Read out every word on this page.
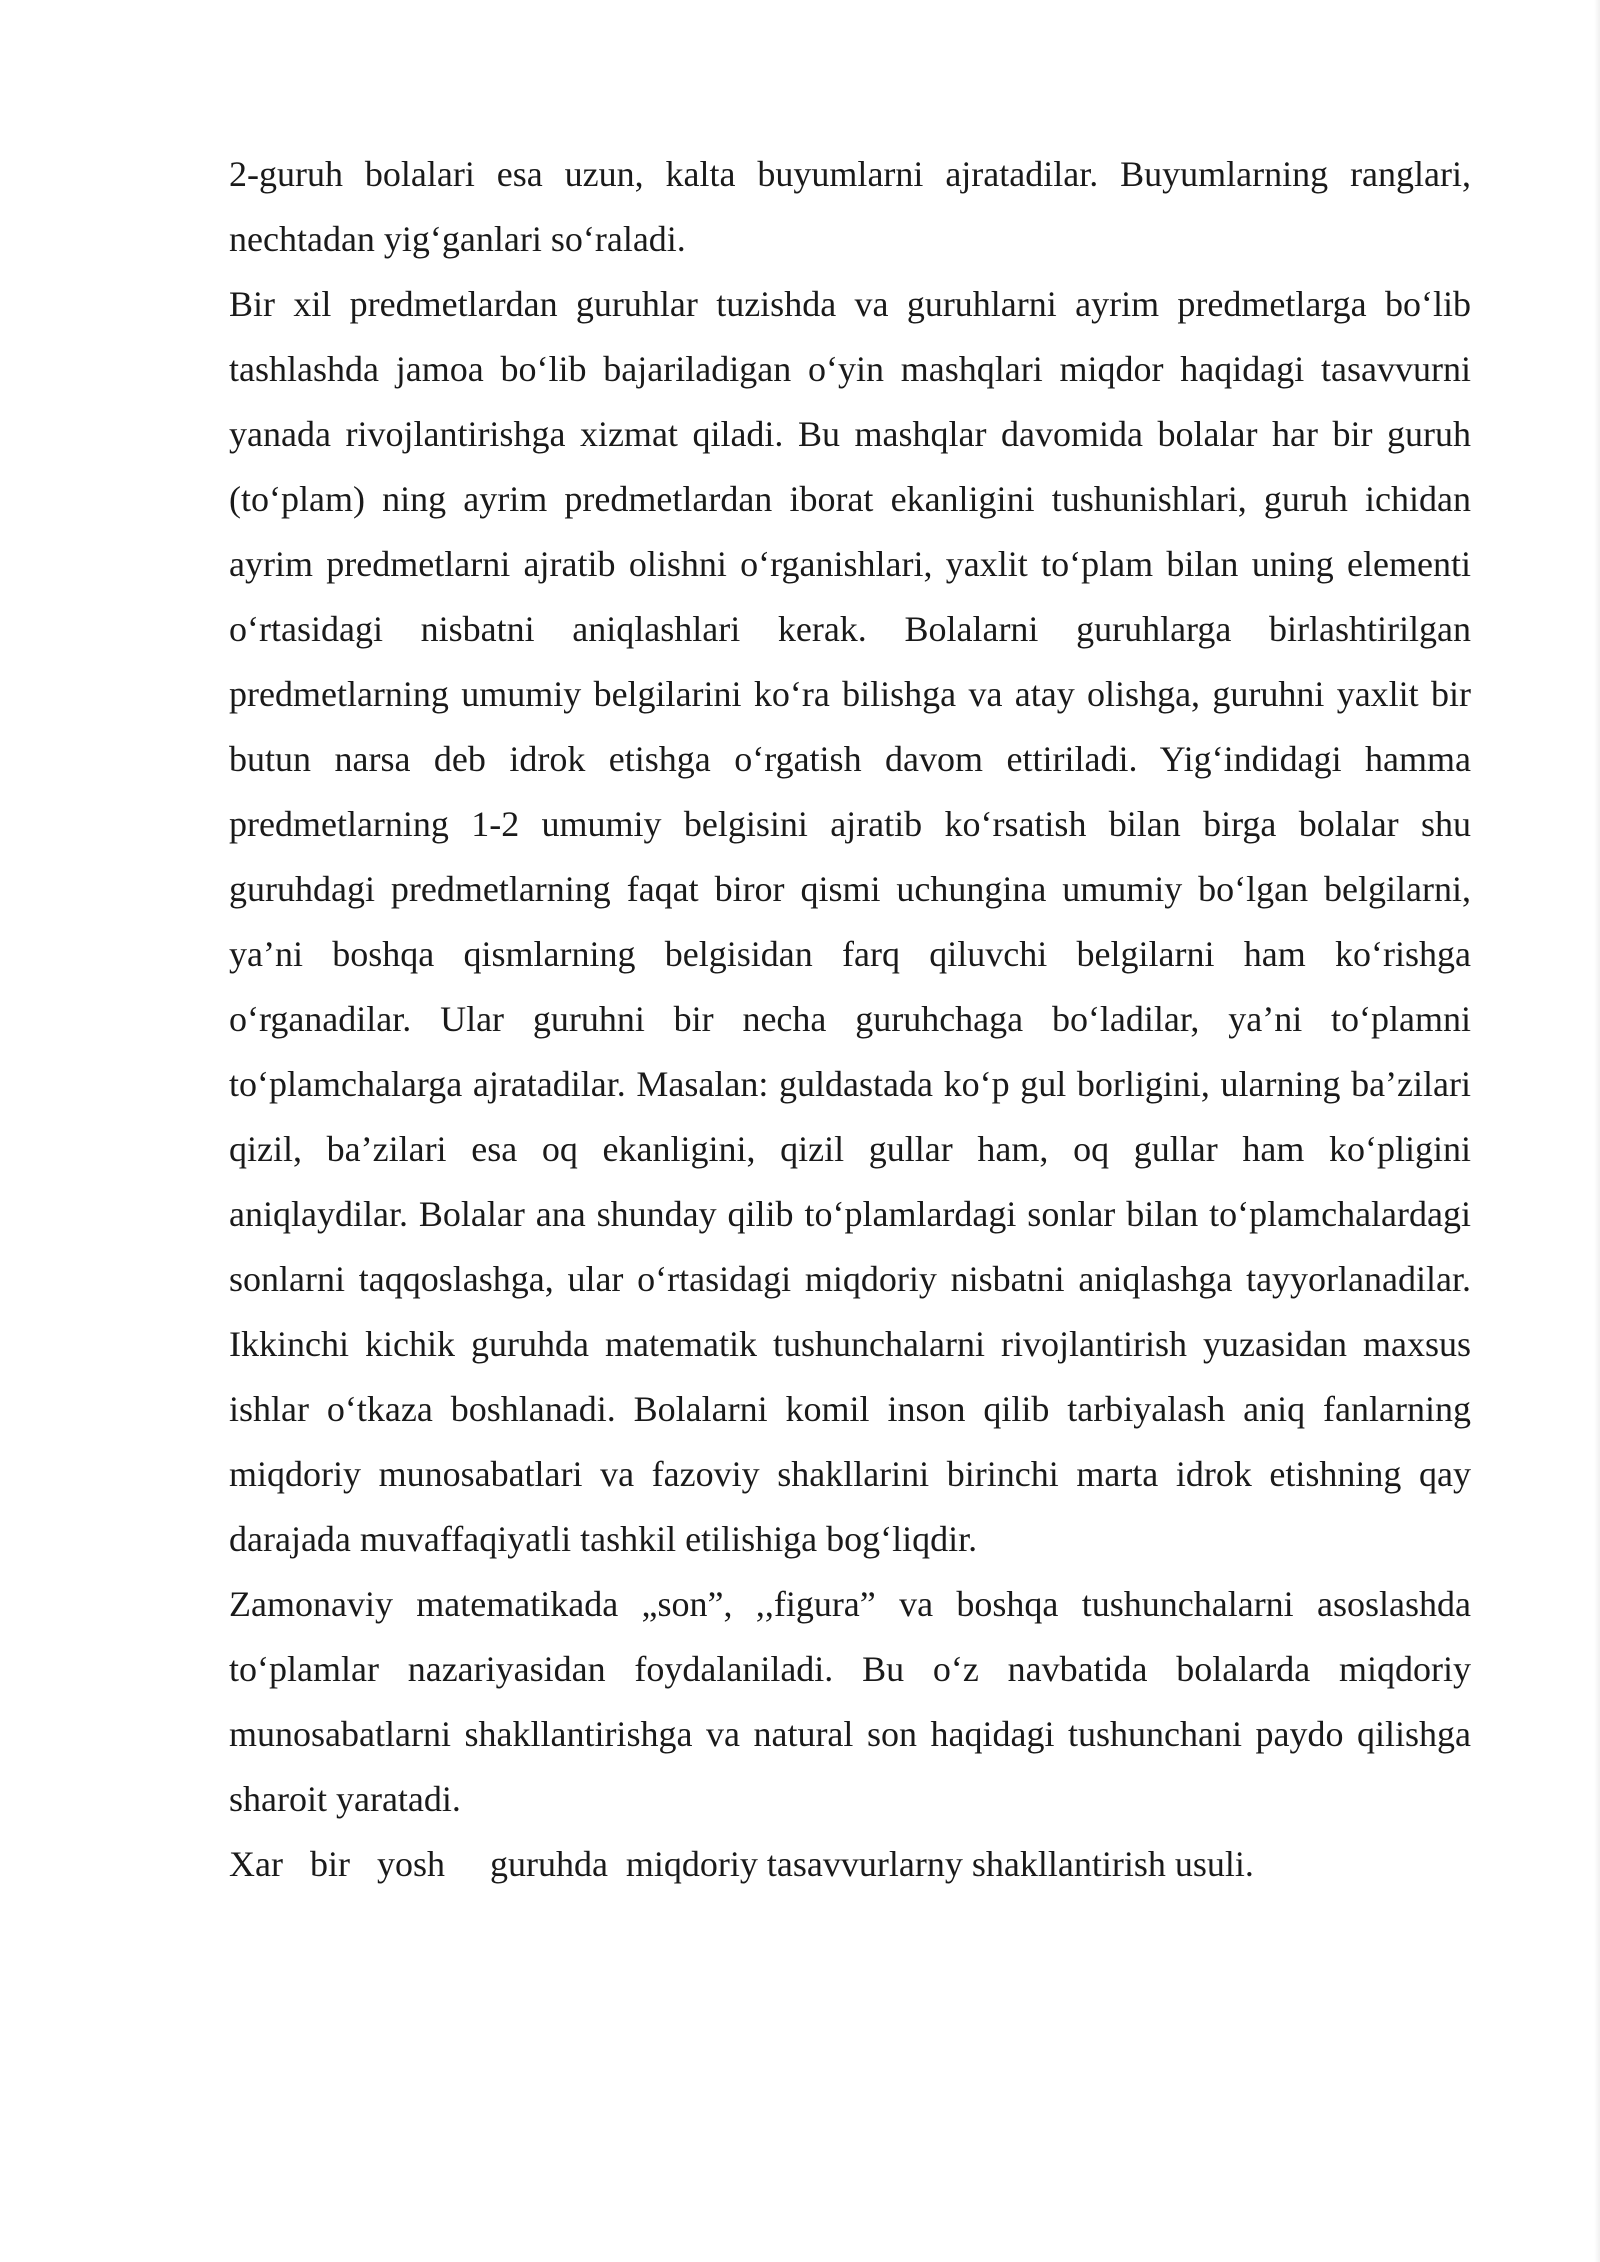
2-guruh bolalari esa uzun, kalta buyumlarni ajratadilar. Buyumlarning ranglari, nechtadan yig‘ganlari so‘raladi.

Bir xil predmetlardan guruhlar tuzishda va guruhlarni ayrim predmetlarga bo‘lib tashlashda jamoa bo‘lib bajariladigan o‘yin mashqlari miqdor haqidagi tasavvurni yanada rivojlantirishga xizmat qiladi. Bu mashqlar davomida bolalar har bir guruh (to‘plam) ning ayrim predmetlardan iborat ekanligini tushunishlari, guruh ichidan ayrim predmetlarni ajratib olishni o‘rganishlari, yaxlit to‘plam bilan uning elementi o‘rtasidagi nisbatni aniqlashlari kerak. Bolalarni guruhlarga birlashtirilgan predmetlarning umumiy belgilarini ko‘ra bilishga va atay olishga, guruhni yaxlit bir butun narsa deb idrok etishga o‘rgatish davom ettiriladi. Yig‘indidagi hamma predmetlarning 1-2 umumiy belgisini ajratib ko‘rsatish bilan birga bolalar shu guruhdagi predmetlarning faqat biror qismi uchungina umumiy bo‘lgan belgilarni, ya’ni boshqa qismlarning belgisidan farq qiluvchi belgilarni ham ko‘rishga o‘rganadilar. Ular guruhni bir necha guruhchaga bo‘ladilar, ya’ni to‘plamni to‘plamchalarga ajratadilar. Masalan: guldastada ko‘p gul borligini, ularning ba’zilari qizil, ba’zilari esa oq ekanligini, qizil gullar ham, oq gullar ham ko‘pligini aniqlaydilar. Bolalar ana shunday qilib to‘plamlardagi sonlar bilan to‘plamchalardagi sonlarni taqqoslashga, ular o‘rtasidagi miqdoriy nisbatni aniqlashga tayyorlanadilar. Ikkinchi kichik guruhda matematik tushunchalarni rivojlantirish yuzasidan maxsus ishlar o‘tkaza boshlanadi. Bolalarni komil inson qilib tarbiyalash aniq fanlarning miqdoriy munosabatlari va fazoviy shakllarini birinchi marta idrok etishning qay darajada muvaffaqiyatli tashkil etilishiga bog‘liqdir.

Zamonaviy matematikada „son”, ,,figura” va boshqa tushunchalarni asoslashda to‘plamlar nazariyasidan foydalaniladi. Bu o‘z navbatida bolalarda miqdoriy munosabatlarni shakllantirishga va natural son haqidagi tushunchani paydo qilishga sharoit yaratadi.

Xar   bir   yosh     guruhda  miqdoriy tasavvurlarny shakllantirish usuli.
